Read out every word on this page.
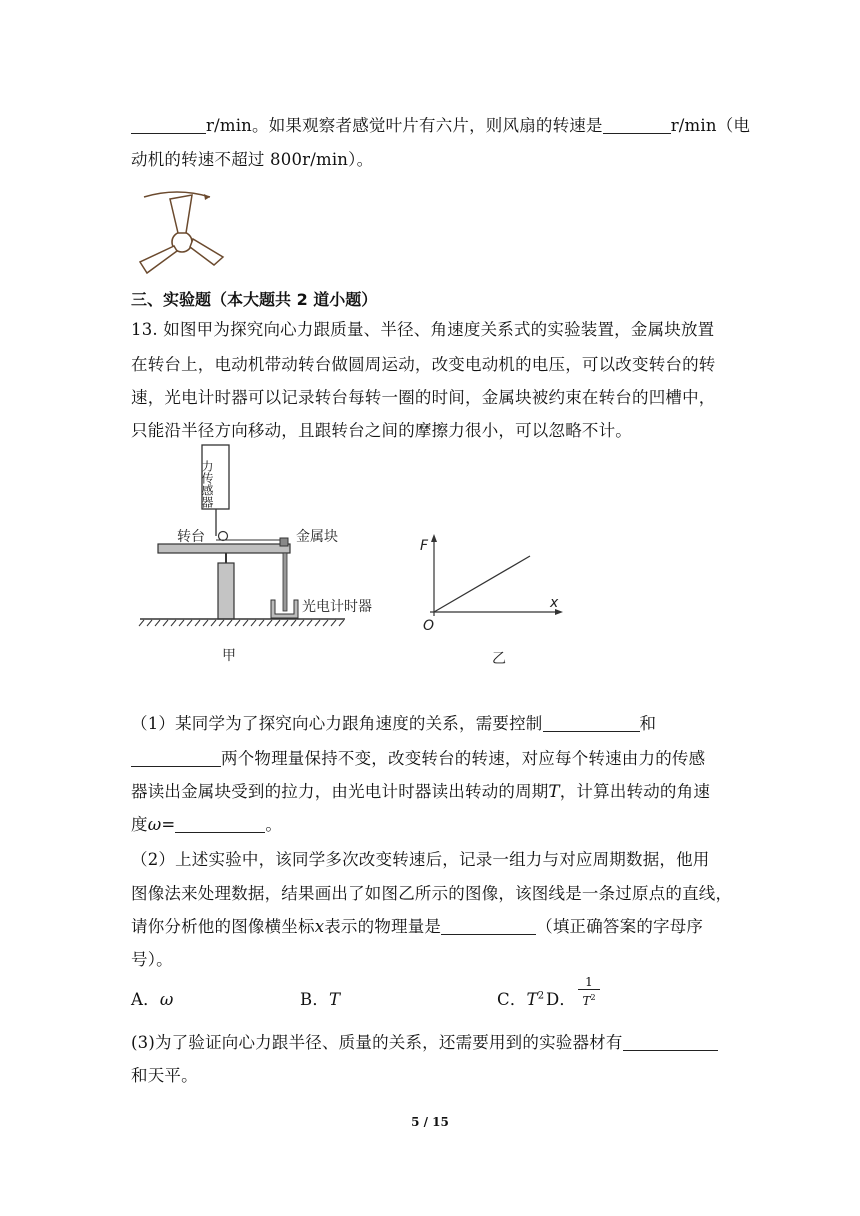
r/min。如果观察者感觉叶片有六片，则风扇的转速是	r/min（电
动机的转速不超过 800r/min）。
三、实验题（本大题共 2 道小题）
13. 如图甲为探究向心力跟质量、半径、角速度关系式的实验装置，金属块放置
在转台上，电动机带动转台做圆周运动，改变电动机的电压，可以改变转台的转
速，光电计时器可以记录转台每转一圈的时间，金属块被约束在转台的凹槽中，
只能沿半径方向移动，且跟转台之间的摩擦力很小，可以忽略不计。
力传感器
转台	金属块
光电计时器
甲
F
x
O
乙
（1）某同学为了探究向心力跟角速度的关系，需要控制	和
两个物理量保持不变，改变转台的转速，对应每个转速由力的传感
器读出金属块受到的拉力，由光电计时器读出转动的周期T，计算出转动的角速
度ω=	。
（2）上述实验中，该同学多次改变转速后，记录一组力与对应周期数据，他用
图像法来处理数据，结果画出了如图乙所示的图像，该图线是一条过原点的直线，
请你分析他的图像横坐标x表示的物理量是	（填正确答案的字母序
号）。
A．ω	B．T	C．$T^2$ D．
1
$T^2$
(3)为了验证向心力跟半径、质量的关系，还需要用到的实验器材有
和天平。
5 / 15
